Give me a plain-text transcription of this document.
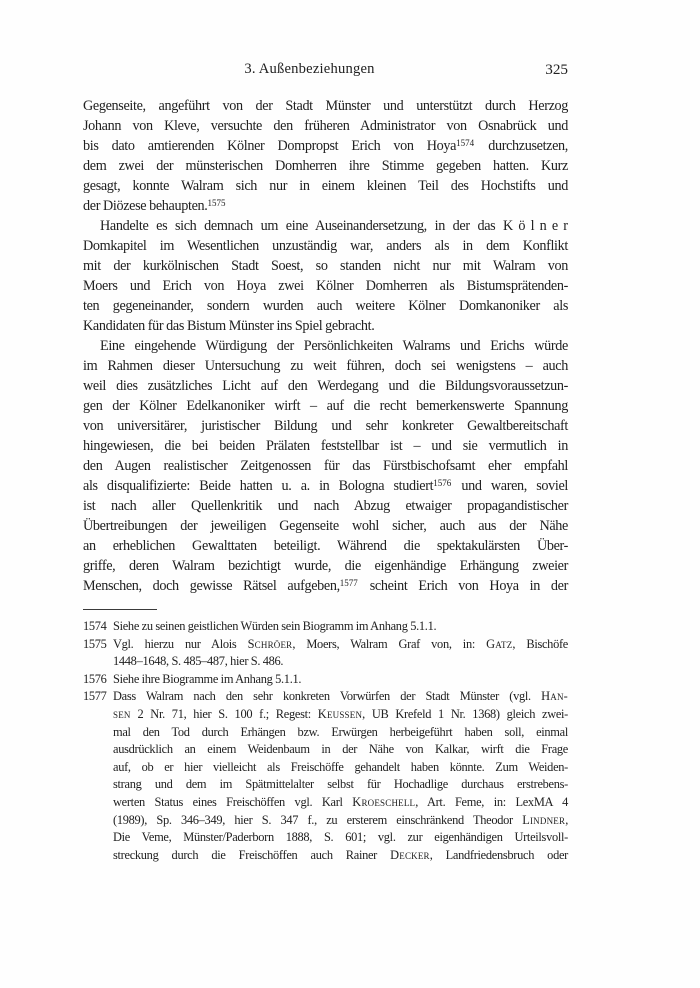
3. Außenbeziehungen	325
Gegenseite, angeführt von der Stadt Münster und unterstützt durch Herzog
Johann von Kleve, versuchte den früheren Administrator von Osnabrück und
bis dato amtierenden Kölner Dompropst Erich von Hoya$^{1574}$ durchzusetzen,
dem zwei der münsterischen Domherren ihre Stimme gegeben hatten. Kurz
gesagt, konnte Walram sich nur in einem kleinen Teil des Hochstifts und
der Diözese behaupten.$^{1575}$
Handelte es sich demnach um eine Auseinandersetzung, in der das Kölner
Domkapitel im Wesentlichen unzuständig war, anders als in dem Konflikt
mit der kurkölnischen Stadt Soest, so standen nicht nur mit Walram von
Moers und Erich von Hoya zwei Kölner Domherren als Bistumsprätenden-
ten gegeneinander, sondern wurden auch weitere Kölner Domkanoniker als
Kandidaten für das Bistum Münster ins Spiel gebracht.
Eine eingehende Würdigung der Persönlichkeiten Walrams und Erichs würde
im Rahmen dieser Untersuchung zu weit führen, doch sei wenigstens – auch
weil dies zusätzliches Licht auf den Werdegang und die Bildungsvoraussetzun-
gen der Kölner Edelkanoniker wirft – auf die recht bemerkenswerte Spannung
von universitärer, juristischer Bildung und sehr konkreter Gewaltbereitschaft
hingewiesen, die bei beiden Prälaten feststellbar ist – und sie vermutlich in
den Augen realistischer Zeitgenossen für das Fürstbischofsamt eher empfahl
als disqualifizierte: Beide hatten u. a. in Bologna studiert$^{1576}$ und waren, soviel
ist nach aller Quellenkritik und nach Abzug etwaiger propagandistischer
Übertreibungen der jeweiligen Gegenseite wohl sicher, auch aus der Nähe
an erheblichen Gewalttaten beteiligt. Während die spektakulärsten Über-
griffe, deren Walram bezichtigt wurde, die eigenhändige Erhängung zweier
Menschen, doch gewisse Rätsel aufgeben,$^{1577}$ scheint Erich von Hoya in der
1574 Siehe zu seinen geistlichen Würden sein Biogramm im Anhang 5.1.1.
1575 Vgl. hierzu nur Alois Schröer, Moers, Walram Graf von, in: Gatz, Bischöfe
1448–1648, S. 485–487, hier S. 486.
1576 Siehe ihre Biogramme im Anhang 5.1.1.
1577 Dass Walram nach den sehr konkreten Vorwürfen der Stadt Münster (vgl. Han-
sen 2 Nr. 71, hier S. 100 f.; Regest: Keussen, UB Krefeld 1 Nr. 1368) gleich zwei-
mal den Tod durch Erhängen bzw. Erwürgen herbeigeführt haben soll, einmal
ausdrücklich an einem Weidenbaum in der Nähe von Kalkar, wirft die Frage
auf, ob er hier vielleicht als Freischöffe gehandelt haben könnte. Zum Weiden-
strang und dem im Spätmittelalter selbst für Hochadlige durchaus erstrebens-
werten Status eines Freischöffen vgl. Karl Kroeschell, Art. Feme, in: LexMA 4
(1989), Sp. 346–349, hier S. 347 f., zu ersterem einschränkend Theodor Lindner,
Die Veme, Münster/Paderborn 1888, S. 601; vgl. zur eigenhändigen Urteilsvoll-
streckung durch die Freischöffen auch Rainer Decker, Landfriedensbruch oder
